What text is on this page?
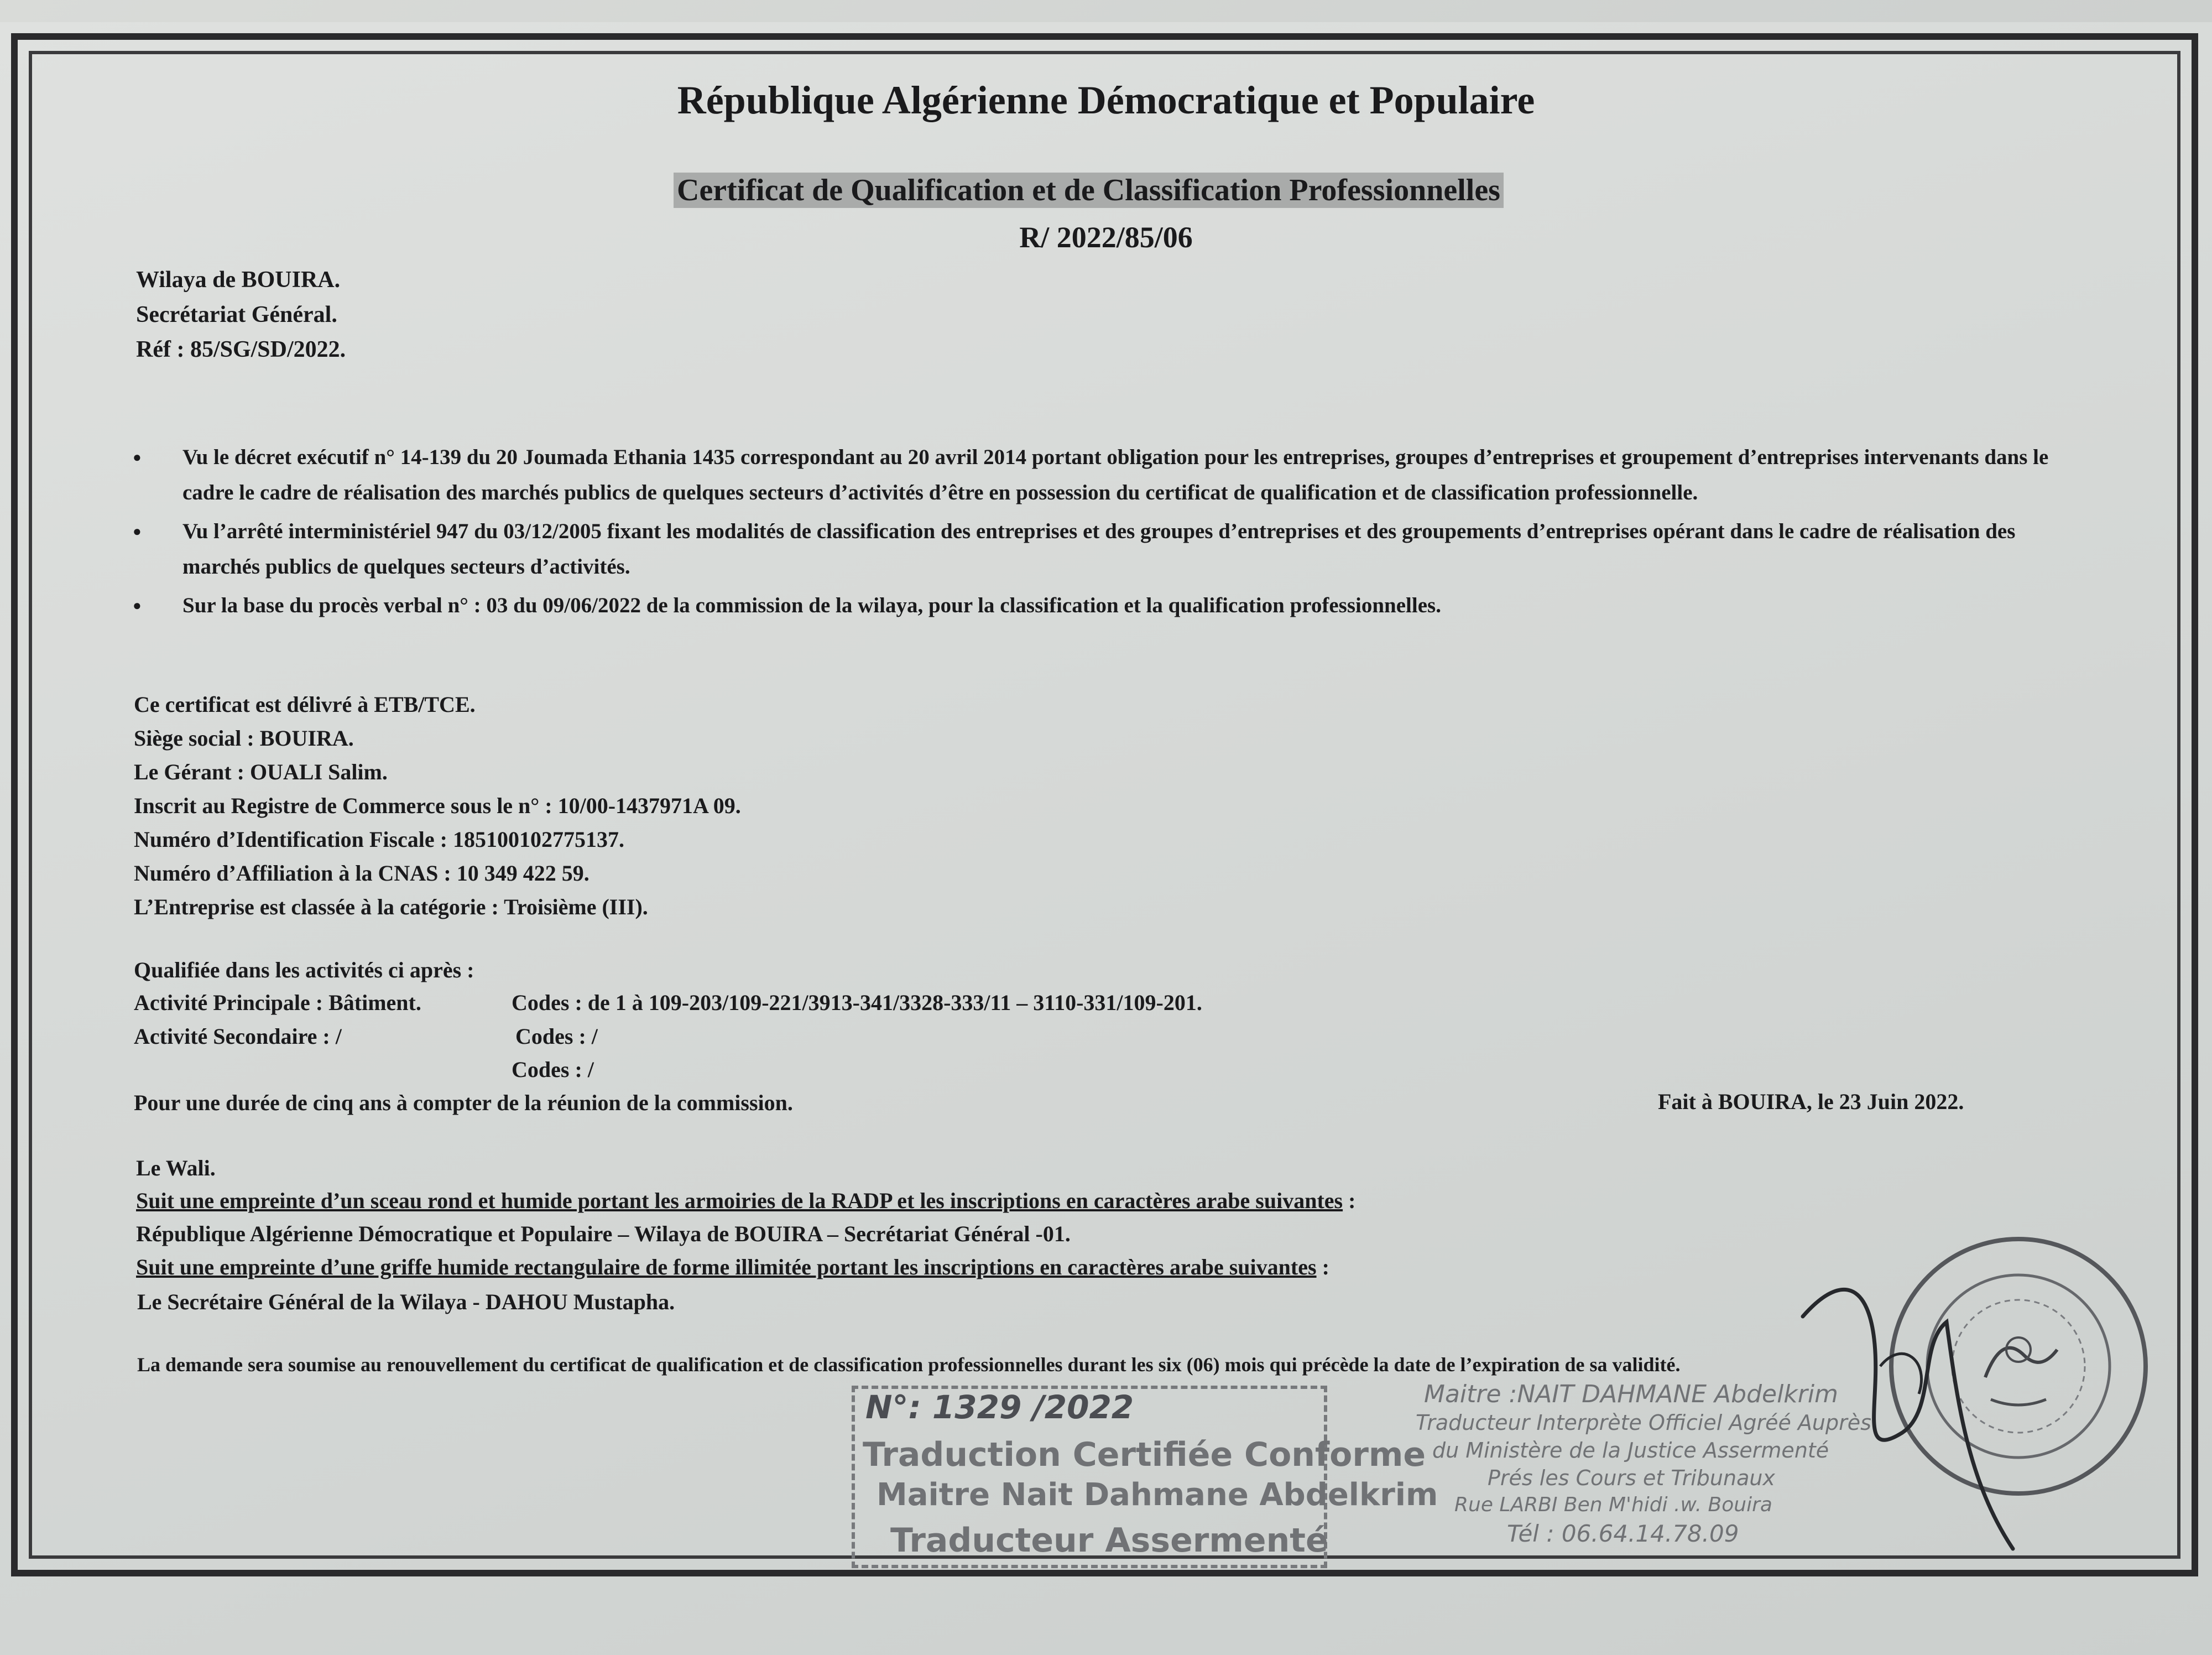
République Algérienne Démocratique et Populaire
Certificat de Qualification et de Classification Professionnelles
R/ 2022/85/06
Wilaya de BOUIRA.
Secrétariat Général.
Réf : 85/SG/SD/2022.
● Vu le décret exécutif n° 14-139 du 20 Joumada Ethania 1435 correspondant au 20 avril 2014 portant obligation pour les entreprises, groupes d’entreprises et groupement d’entreprises intervenants dans le cadre le cadre de réalisation des marchés publics de quelques secteurs d’activités d’être en possession du certificat de qualification et de classification professionnelle.
● Vu l’arrêté interministériel 947 du 03/12/2005 fixant les modalités de classification des entreprises et des groupes d’entreprises et des groupements d’entreprises opérant dans le cadre de réalisation des marchés publics de quelques secteurs d’activités.
● Sur la base du procès verbal n° : 03 du 09/06/2022 de la commission de la wilaya, pour la classification et la qualification professionnelles.
Ce certificat est délivré à ETB/TCE.
Siège social : BOUIRA.
Le Gérant : OUALI Salim.
Inscrit au Registre de Commerce sous le n° : 10/00-1437971A 09.
Numéro d’Identification Fiscale : 185100102775137.
Numéro d’Affiliation à la CNAS : 10 349 422 59.
L’Entreprise est classée à la catégorie : Troisième (III).
Qualifiée dans les activités ci après :
Activité Principale : Bâtiment.	Codes : de 1 à 109-203/109-221/3913-341/3328-333/11 – 3110-331/109-201.
Activité Secondaire : /	Codes : /
Codes : /
Pour une durée de cinq ans à compter de la réunion de la commission.	Fait à BOUIRA, le 23 Juin 2022.
Le Wali.
Suit une empreinte d’un sceau rond et humide portant les armoiries de la RADP et les inscriptions en caractères arabe suivantes :
République Algérienne Démocratique et Populaire – Wilaya de BOUIRA – Secrétariat Général -01.
Suit une empreinte d’une griffe humide rectangulaire de forme illimitée portant les inscriptions en caractères arabe suivantes :
Le Secrétaire Général de la Wilaya - DAHOU Mustapha.
La demande sera soumise au renouvellement du certificat de qualification et de classification professionnelles durant les six (06) mois qui précède la date de l’expiration de sa validité.
N°: 1329 /2022
Traduction Certifiée Conforme
Maitre Nait Dahmane Abdelkrim
Traducteur Assermenté
Maitre :NAIT DAHMANE Abdelkrim
Traducteur Interprète Officiel Agréé Auprès
du Ministère de la Justice Assermenté
Prés les Cours et Tribunaux
Rue LARBI Ben M'hidi .w. Bouira
Tél : 06.64.14.78.09
